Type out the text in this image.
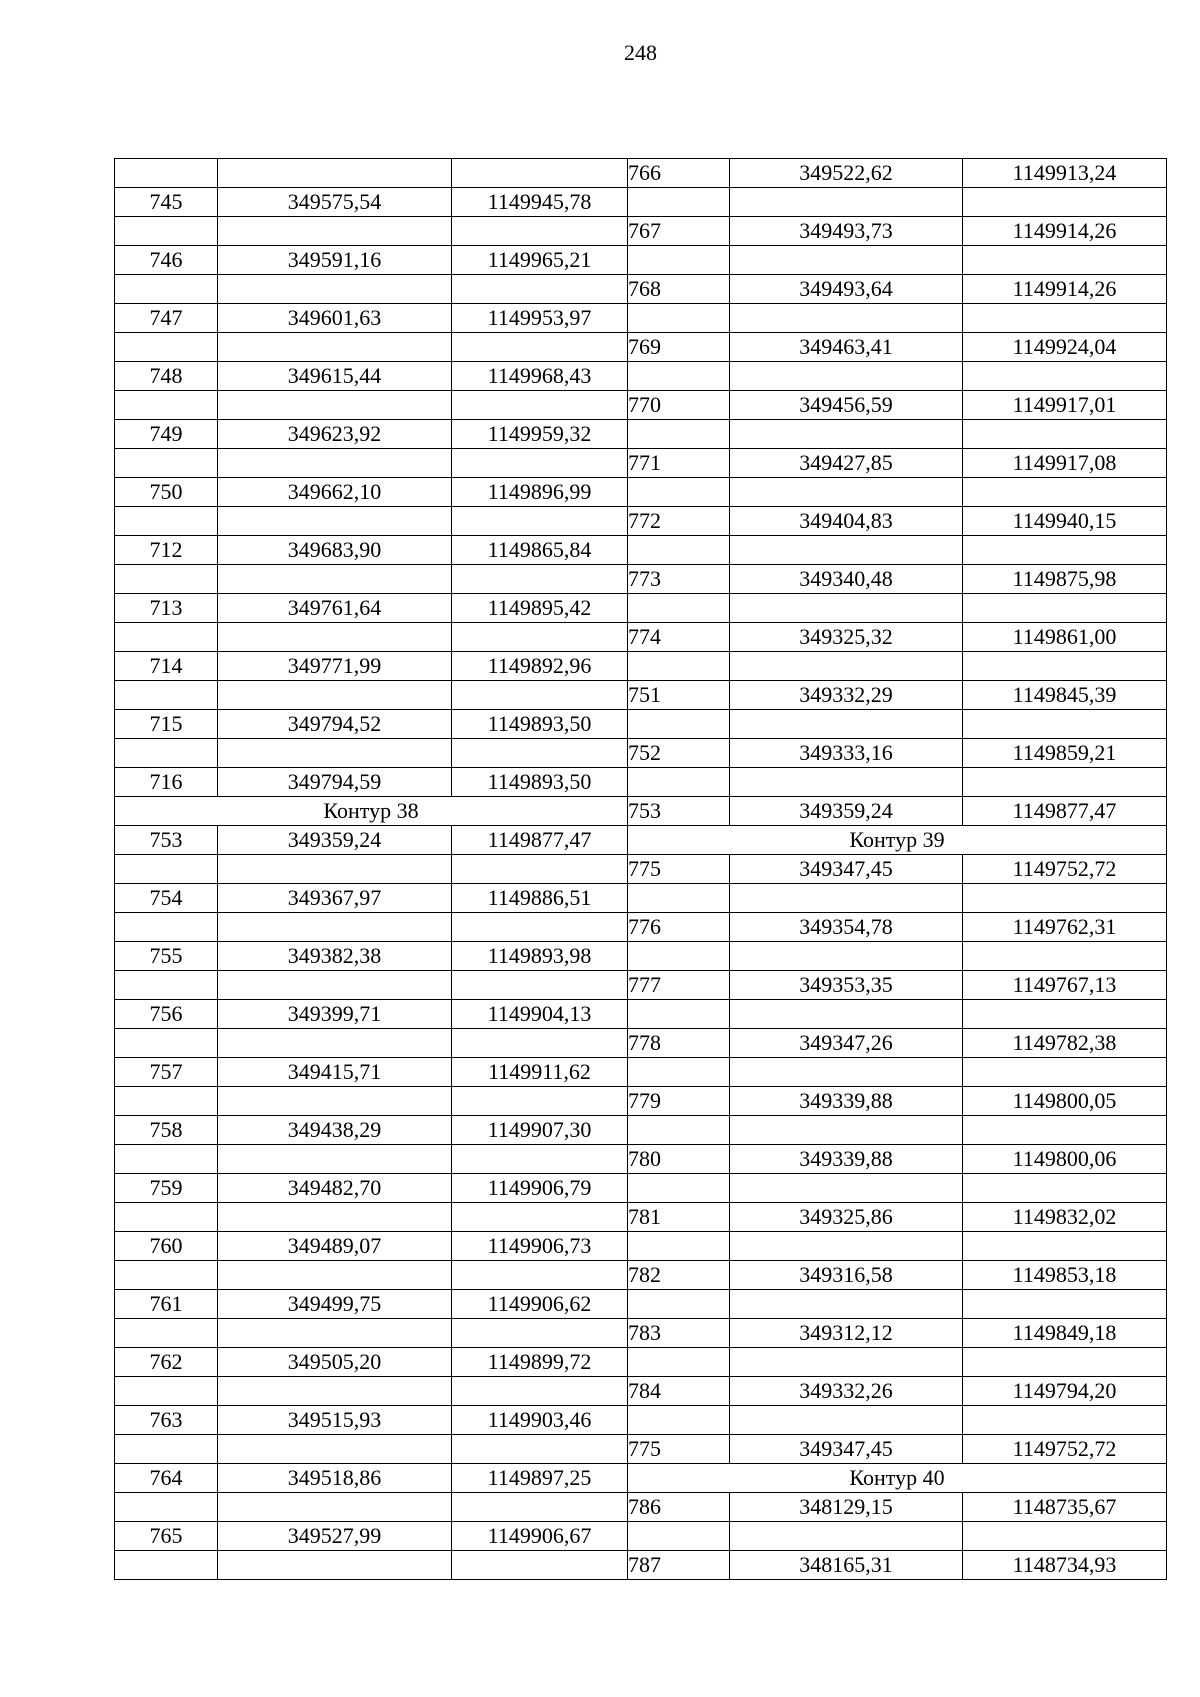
248
			766	349522,62	1149913,24
745	349575,54	1149945,78			
			767	349493,73	1149914,26
746	349591,16	1149965,21			
			768	349493,64	1149914,26
747	349601,63	1149953,97			
			769	349463,41	1149924,04
748	349615,44	1149968,43			
			770	349456,59	1149917,01
749	349623,92	1149959,32			
			771	349427,85	1149917,08
750	349662,10	1149896,99			
			772	349404,83	1149940,15
712	349683,90	1149865,84			
			773	349340,48	1149875,98
713	349761,64	1149895,42			
			774	349325,32	1149861,00
714	349771,99	1149892,96			
			751	349332,29	1149845,39
715	349794,52	1149893,50			
			752	349333,16	1149859,21
716	349794,59	1149893,50			
Контур 38			753	349359,24	1149877,47
753	349359,24	1149877,47	Контур 39		
			775	349347,45	1149752,72
754	349367,97	1149886,51			
			776	349354,78	1149762,31
755	349382,38	1149893,98			
			777	349353,35	1149767,13
756	349399,71	1149904,13			
			778	349347,26	1149782,38
757	349415,71	1149911,62			
			779	349339,88	1149800,05
758	349438,29	1149907,30			
			780	349339,88	1149800,06
759	349482,70	1149906,79			
			781	349325,86	1149832,02
760	349489,07	1149906,73			
			782	349316,58	1149853,18
761	349499,75	1149906,62			
			783	349312,12	1149849,18
762	349505,20	1149899,72			
			784	349332,26	1149794,20
763	349515,93	1149903,46			
			775	349347,45	1149752,72
764	349518,86	1149897,25	Контур 40		
			786	348129,15	1148735,67
765	349527,99	1149906,67			
			787	348165,31	1148734,93
